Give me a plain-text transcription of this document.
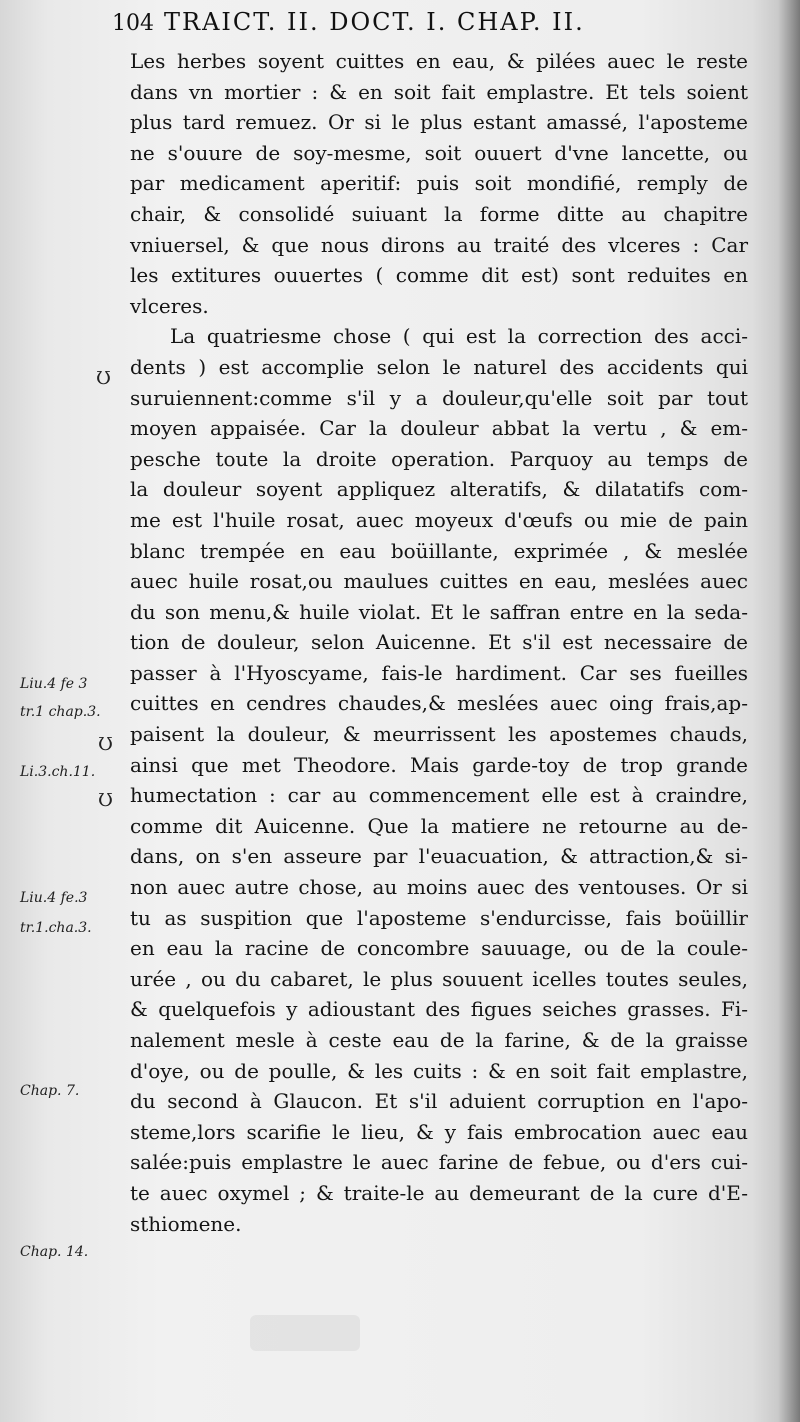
104 TRAICT. II. DOCT. I. CHAP. II.
Les herbes soyent cuittes en eau, & pilées auec le reste
dans vn mortier : & en soit fait emplastre. Et tels soient
plus tard remuez. Or si le plus estant amassé, l'aposteme
ne s'ouure de soy-mesme, soit ouuert d'vne lancette, ou
par medicament aperitif: puis soit mondifié, remply de
chair, & consolidé suiuant la forme ditte au chapitre
vniuersel, & que nous dirons au traité des vlceres : Car
les extitures ouuertes ( comme dit est) sont reduites en
vlceres.
La quatriesme chose ( qui est la correction des acci-
dents ) est accomplie selon le naturel des accidents qui
suruiennent:comme s'il y a douleur,qu'elle soit par tout
moyen appaisée. Car la douleur abbat la vertu , & em-
pesche toute la droite operation. Parquoy au temps de
la douleur soyent appliquez alteratifs, & dilatatifs com-
me est l'huile rosat, auec moyeux d'œufs ou mie de pain
blanc trempée en eau boüillante, exprimée , & meslée
auec huile rosat,ou maulues cuittes en eau, meslées auec
du son menu,& huile violat. Et le saffran entre en la seda-
tion de douleur, selon Auicenne. Et s'il est necessaire de
passer à l'Hyoscyame, fais-le hardiment. Car ses fueilles
cuittes en cendres chaudes,& meslées auec oing frais,ap-
paisent la douleur, & meurrissent les apostemes chauds,
ainsi que met Theodore. Mais garde-toy de trop grande
humectation : car au commencement elle est à craindre,
comme dit Auicenne. Que la matiere ne retourne au de-
dans, on s'en asseure par l'euacuation, & attraction,& si-
non auec autre chose, au moins auec des ventouses. Or si
tu as suspition que l'aposteme s'endurcisse, fais boüillir
en eau la racine de concombre sauuage, ou de la coule-
urée , ou du cabaret, le plus souuent icelles toutes seules,
& quelquefois y adioustant des figues seiches grasses. Fi-
nalement mesle à ceste eau de la farine, & de la graisse
d'oye, ou de poulle, & les cuits : & en soit fait emplastre,
du second à Glaucon. Et s'il aduient corruption en l'apo-
steme,lors scarifie le lieu, & y fais embrocation auec eau
salée:puis emplastre le auec farine de febue, ou d'ers cui-
te auec oxymel ; & traite-le au demeurant de la cure d'E-
sthiomene.
Ʊ
Ʊ
Ʊ
Liu.4 fe 3
tr.1 chap.3.
Li.3.ch.11.
Liu.4 fe.3
tr.1.cha.3.
Chap. 7.
Chap. 14.
